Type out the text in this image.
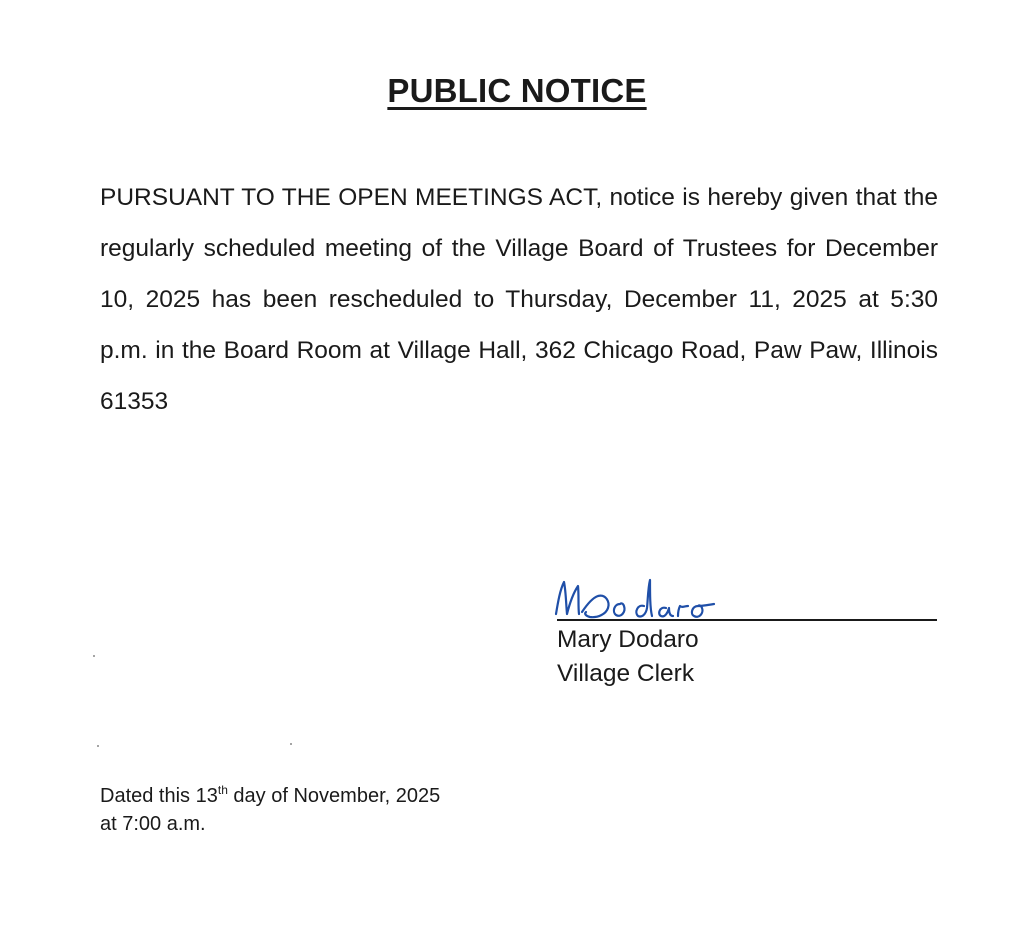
PUBLIC NOTICE

PURSUANT TO THE OPEN MEETINGS ACT, notice is hereby given that the regularly scheduled meeting of the Village Board of Trustees for December 10, 2025 has been rescheduled to Thursday, December 11, 2025 at 5:30 p.m. in the Board Room at Village Hall, 362 Chicago Road, Paw Paw, Illinois 61353

Mary Dodaro
Village Clerk

Dated this 13th day of November, 2025
at 7:00 a.m.
